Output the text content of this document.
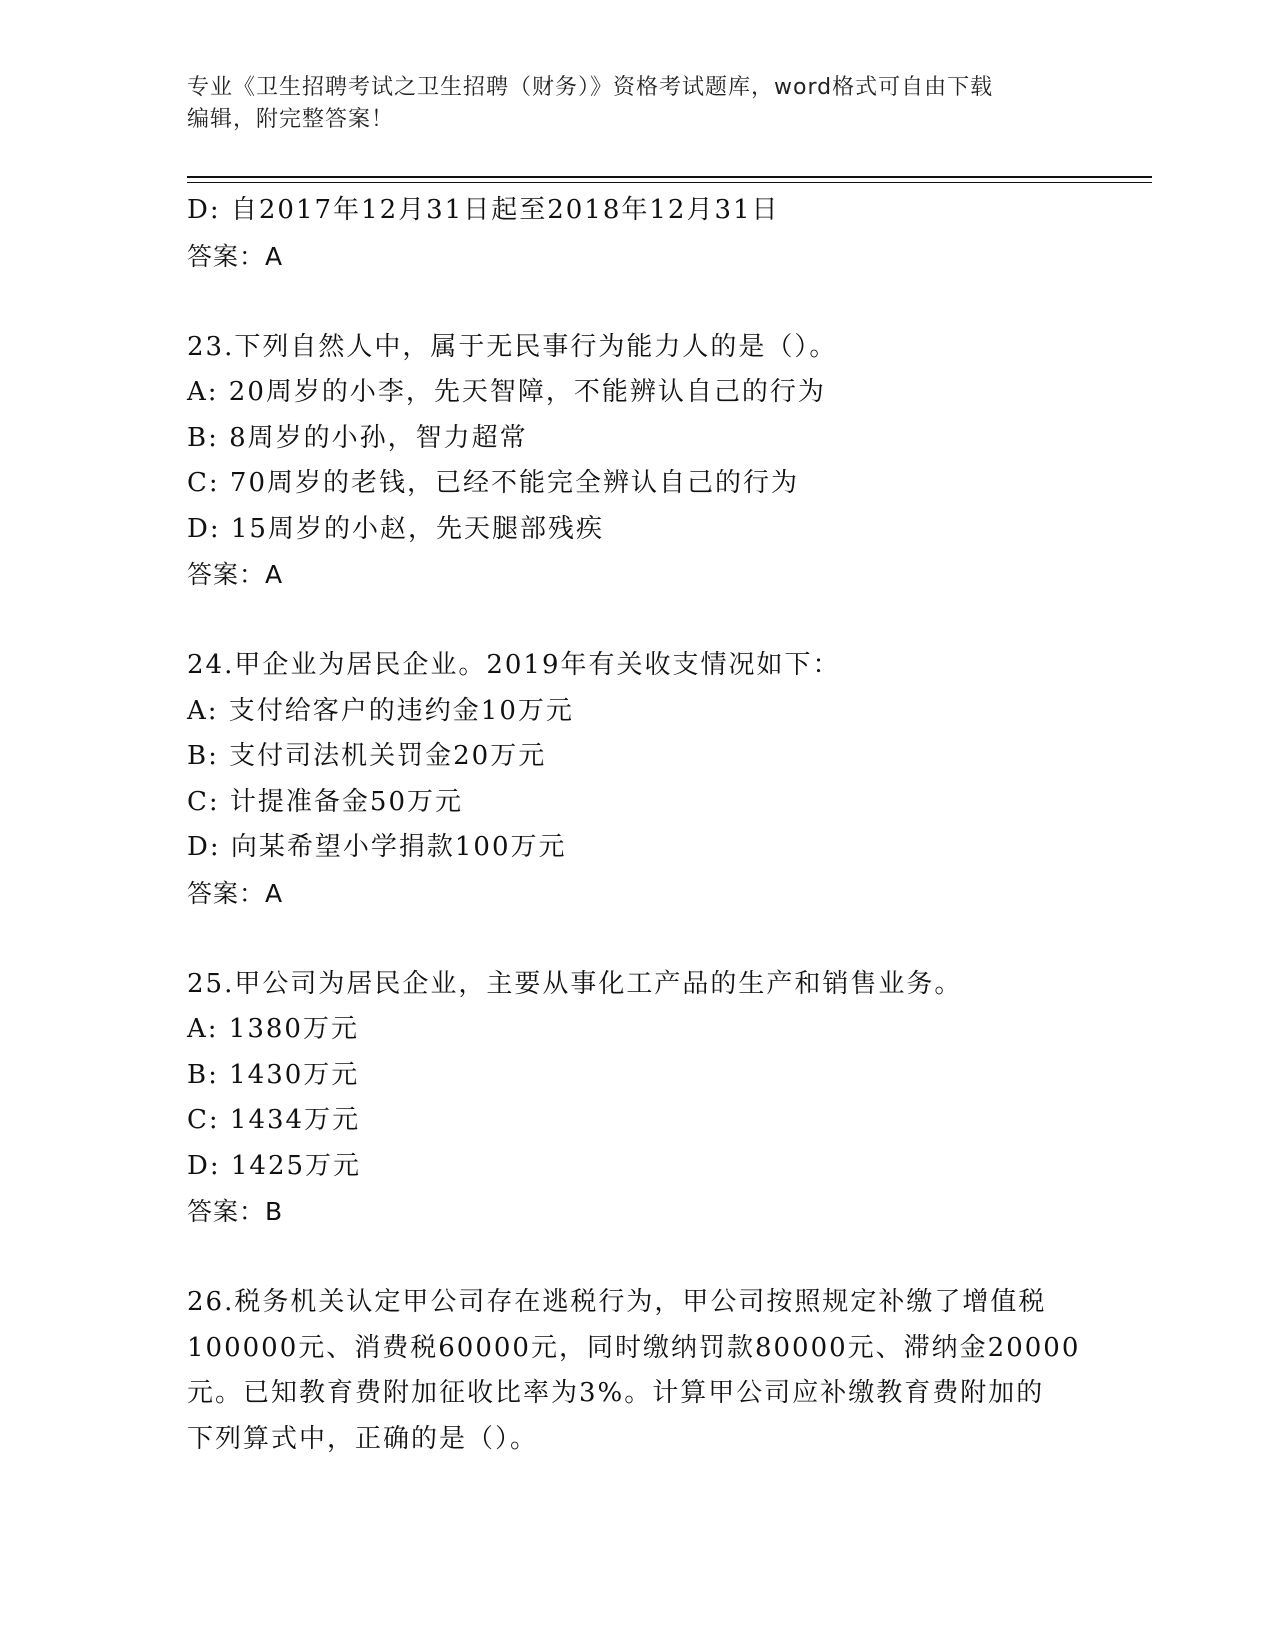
专业《卫生招聘考试之卫生招聘（财务）》资格考试题库，word格式可自由下载
编辑，附完整答案！
D: 自2017年12月31日起至2018年12月31日
答案：A
23.下列自然人中，属于无民事行为能力人的是（）。
A: 20周岁的小李，先天智障，不能辨认自己的行为
B: 8周岁的小孙，智力超常
C: 70周岁的老钱，已经不能完全辨认自己的行为
D: 15周岁的小赵，先天腿部残疾
答案：A
24.甲企业为居民企业。2019年有关收支情况如下：
A: 支付给客户的违约金10万元
B: 支付司法机关罚金20万元
C: 计提准备金50万元
D: 向某希望小学捐款100万元
答案：A
25.甲公司为居民企业，主要从事化工产品的生产和销售业务。
A: 1380万元
B: 1430万元
C: 1434万元
D: 1425万元
答案：B
26.税务机关认定甲公司存在逃税行为，甲公司按照规定补缴了增值税
100000元、消费税60000元，同时缴纳罚款80000元、滞纳金20000
元。已知教育费附加征收比率为3%。计算甲公司应补缴教育费附加的
下列算式中，正确的是（）。
